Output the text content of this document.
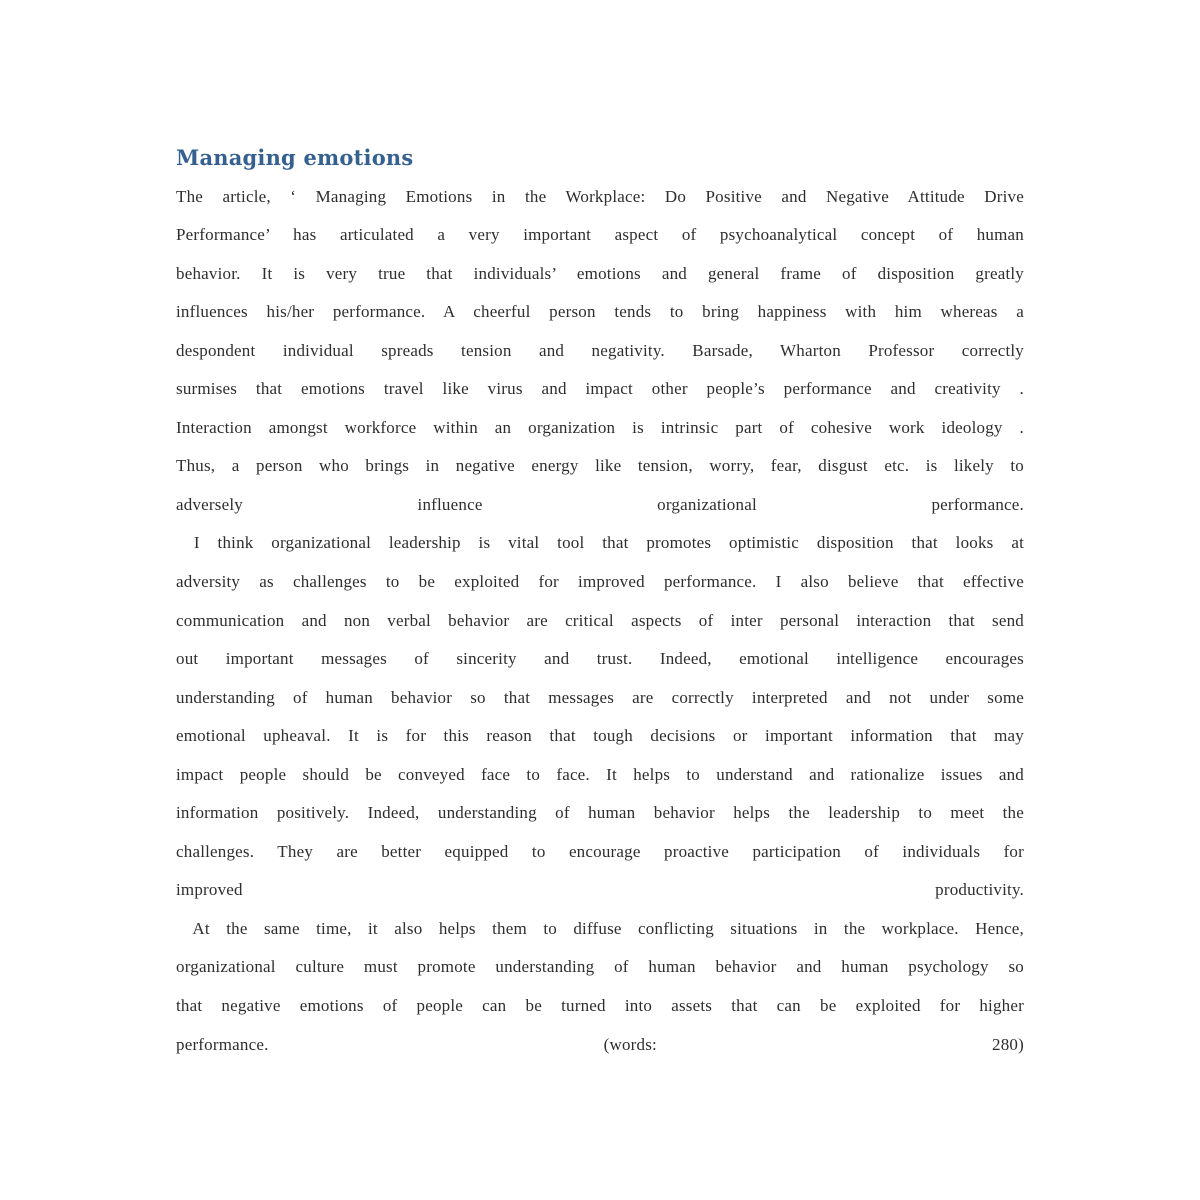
Managing emotions
The article, ‘ Managing Emotions in the Workplace: Do Positive and Negative Attitude Drive
Performance’ has articulated a very important aspect of psychoanalytical concept of human
behavior. It is very true that individuals’ emotions and general frame of disposition greatly
influences his/her performance. A cheerful person tends to bring happiness with him whereas a
despondent individual spreads tension and negativity. Barsade, Wharton Professor correctly
surmises that emotions travel like virus and impact other people’s performance and creativity .
Interaction amongst workforce within an organization is intrinsic part of cohesive work ideology .
Thus, a person who brings in negative energy like tension, worry, fear, disgust etc. is likely to
adversely influence organizational performance.
I think organizational leadership is vital tool that promotes optimistic disposition that looks at
adversity as challenges to be exploited for improved performance. I also believe that effective
communication and non verbal behavior are critical aspects of inter personal interaction that send
out important messages of sincerity and trust. Indeed, emotional intelligence encourages
understanding of human behavior so that messages are correctly interpreted and not under some
emotional upheaval. It is for this reason that tough decisions or important information that may
impact people should be conveyed face to face. It helps to understand and rationalize issues and
information positively. Indeed, understanding of human behavior helps the leadership to meet the
challenges. They are better equipped to encourage proactive participation of individuals for
improved productivity.
At the same time, it also helps them to diffuse conflicting situations in the workplace. Hence,
organizational culture must promote understanding of human behavior and human psychology so
that negative emotions of people can be turned into assets that can be exploited for higher
performance. (words: 280)
